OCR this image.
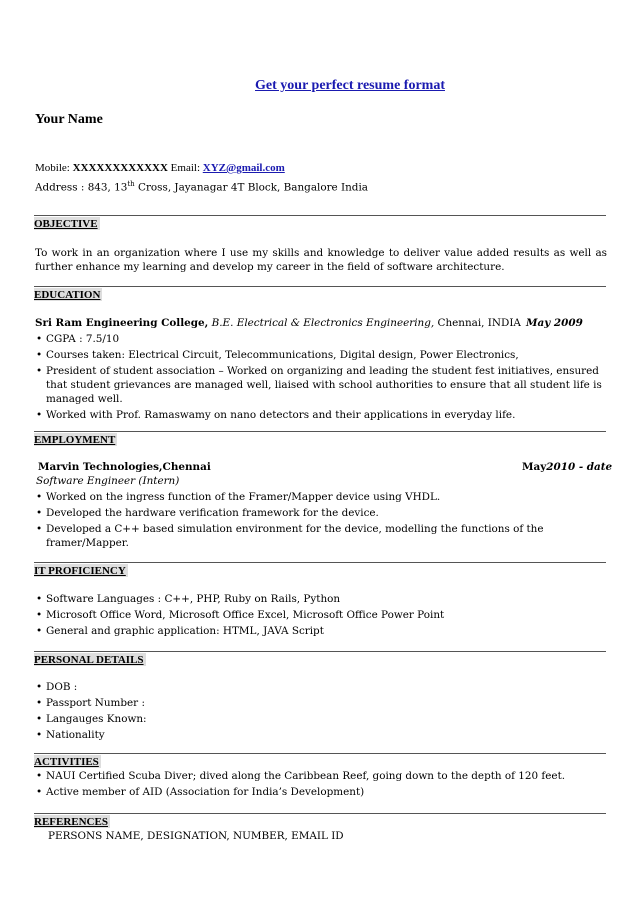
Get your perfect resume format
Your Name
Mobile: XXXXXXXXXXXX Email: XYZ@gmail.com
Address : 843, 13th Cross, Jayanagar 4T Block, Bangalore India
OBJECTIVE
To work in an organization where I use my skills and knowledge to deliver value added results as well as further enhance my learning and develop my career in the field of software architecture.
EDUCATION
Sri Ram Engineering College, B.E. Electrical & Electronics Engineering, Chennai, INDIA May 2009
• CGPA : 7.5/10
• Courses taken: Electrical Circuit, Telecommunications, Digital design, Power Electronics,
• President of student association – Worked on organizing and leading the student fest initiatives, ensured that student grievances are managed well, liaised with school authorities to ensure that all student life is managed well.
• Worked with Prof. Ramaswamy on nano detectors and their applications in everyday life.
EMPLOYMENT
Marvin Technologies,Chennai	May2010 - date
Software Engineer (Intern)
• Worked on the ingress function of the Framer/Mapper device using VHDL.
• Developed the hardware verification framework for the device.
• Developed a C++ based simulation environment for the device, modelling the functions of the framer/Mapper.
IT PROFICIENCY
• Software Languages : C++, PHP, Ruby on Rails, Python
• Microsoft Office Word, Microsoft Office Excel, Microsoft Office Power Point
• General and graphic application: HTML, JAVA Script
PERSONAL DETAILS
• DOB :
• Passport Number :
• Langauges Known:
• Nationality
ACTIVITIES
• NAUI Certified Scuba Diver; dived along the Caribbean Reef, going down to the depth of 120 feet.
• Active member of AID (Association for India’s Development)
REFERENCES
PERSONS NAME, DESIGNATION, NUMBER, EMAIL ID
